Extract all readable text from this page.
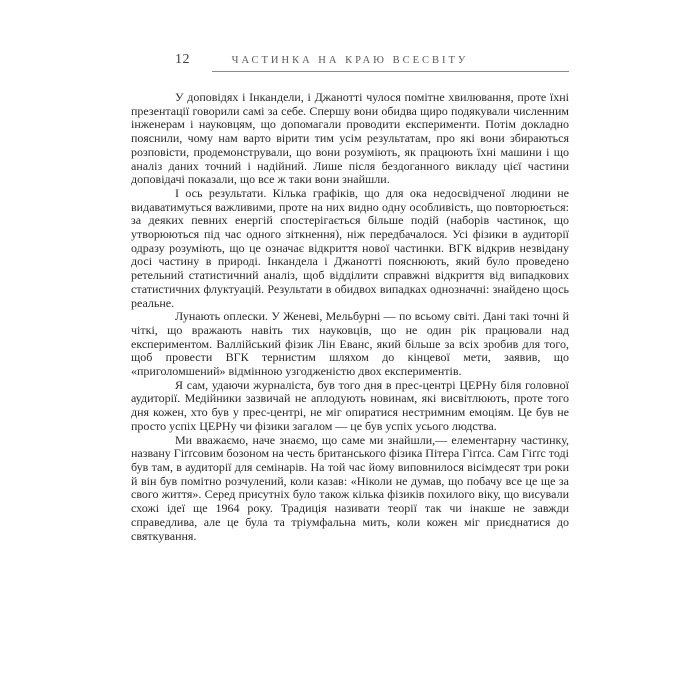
12	ЧАСТИНКА НА КРАЮ ВСЕСВІТУ

У доповідях і Інкандели, і Джанотті чулося помітне хвилювання, проте їхні презентації говорили самі за себе. Спершу вони обидва щиро подякували численним інженерам і науковцям, що допомагали проводити експерименти. Потім докладно пояснили, чому нам варто вірити тим усім результатам, про які вони збираються розповісти, продемонстрували, що вони розуміють, як працюють їхні машини і що аналіз даних точний і надійний. Лише після бездоганного викладу цієї частини доповідачі показали, що все ж таки вони знайшли.

І ось результати. Кілька графіків, що для ока недосвідченої людини не видаватимуться важливими, проте на них видно одну особливість, що повторюється: за деяких певних енергій спостерігається більше подій (наборів частинок, що утворюються під час одного зіткнення), ніж передбачалося. Усі фізики в аудиторії одразу розуміють, що це означає відкриття нової частинки. ВГК відкрив незвідану досі частину в природі. Інкандела і Джанотті пояснюють, який було проведено ретельний статистичний аналіз, щоб відділити справжні відкриття від випадкових статистичних флуктуацій. Результати в обидвох випадках однозначні: знайдено щось реальне.

Лунають оплески. У Женеві, Мельбурні — по всьому світі. Дані такі точні й чіткі, що вражають навіть тих науковців, що не один рік працювали над експериментом. Валлійський фізик Лін Еванс, який більше за всіх зробив для того, щоб провести ВГК тернистим шляхом до кінцевої мети, заявив, що «приголомшений» відмінною узгодженістю двох експериментів.

Я сам, удаючи журналіста, був того дня в прес-центрі ЦЕРНу біля головної аудиторії. Медійники зазвичай не аплодують новинам, які висвітлюють, проте того дня кожен, хто був у прес-центрі, не міг опиратися нестримним емоціям. Це був не просто успіх ЦЕРНу чи фізики загалом — це був успіх усього людства.

Ми вважаємо, наче знаємо, що саме ми знайшли,— елементарну частинку, названу Гіґґсовим бозоном на честь британського фізика Пітера Гіґґса. Сам Гіґґс тоді був там, в аудиторії для семінарів. На той час йому виповнилося вісімдесят три роки й він був помітно розчулений, коли казав: «Ніколи не думав, що побачу все це ще за свого життя». Серед присутніх було також кілька фізиків похилого віку, що висували схожі ідеї ще 1964 року. Традиція називати теорії так чи інакше не завжди справедлива, але це була та тріумфальна мить, коли кожен міг приєднатися до святкування.
